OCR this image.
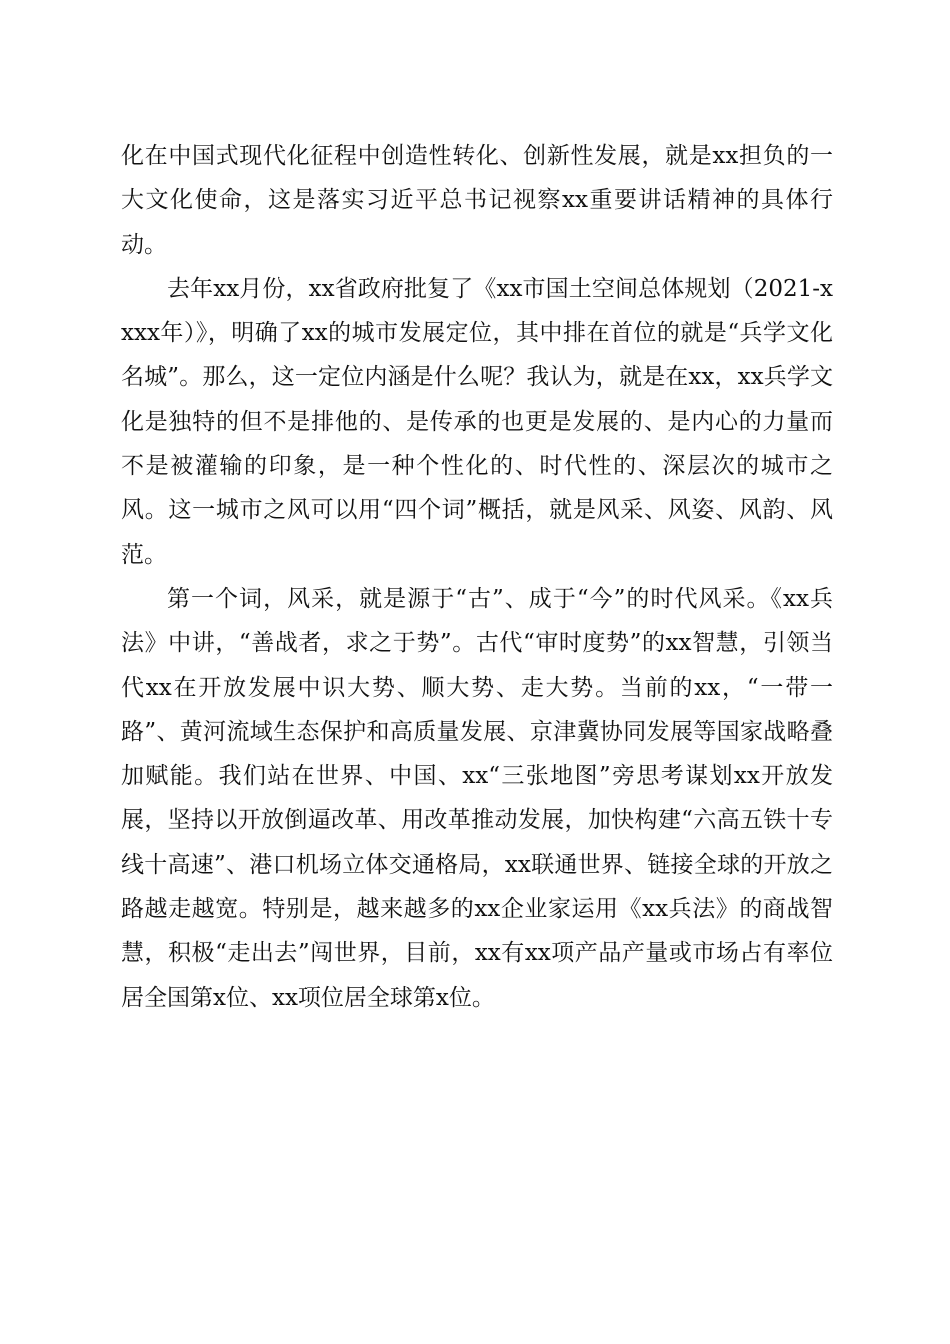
化在中国式现代化征程中创造性转化、创新性发展，就是xx担负的一大文化使命，这是落实习近平总书记视察xx重要讲话精神的具体行动。

去年xx月份，xx省政府批复了《xx市国土空间总体规划（2021-xxxx年）》，明确了xx的城市发展定位，其中排在首位的就是“兵学文化名城”。那么，这一定位内涵是什么呢？我认为，就是在xx，xx兵学文化是独特的但不是排他的、是传承的也更是发展的、是内心的力量而不是被灌输的印象，是一种个性化的、时代性的、深层次的城市之风。这一城市之风可以用“四个词”概括，就是风采、风姿、风韵、风范。

第一个词，风采，就是源于“古”、成于“今”的时代风采。《xx兵法》中讲，“善战者，求之于势”。古代“审时度势”的xx智慧，引领当代xx在开放发展中识大势、顺大势、走大势。当前的xx，“一带一路”、黄河流域生态保护和高质量发展、京津冀协同发展等国家战略叠加赋能。我们站在世界、中国、xx“三张地图”旁思考谋划xx开放发展，坚持以开放倒逼改革、用改革推动发展，加快构建“六高五铁十专线十高速”、港口机场立体交通格局，xx联通世界、链接全球的开放之路越走越宽。特别是，越来越多的xx企业家运用《xx兵法》的商战智慧，积极“走出去”闯世界，目前，xx有xx项产品产量或市场占有率位居全国第x位、xx项位居全球第x位。
